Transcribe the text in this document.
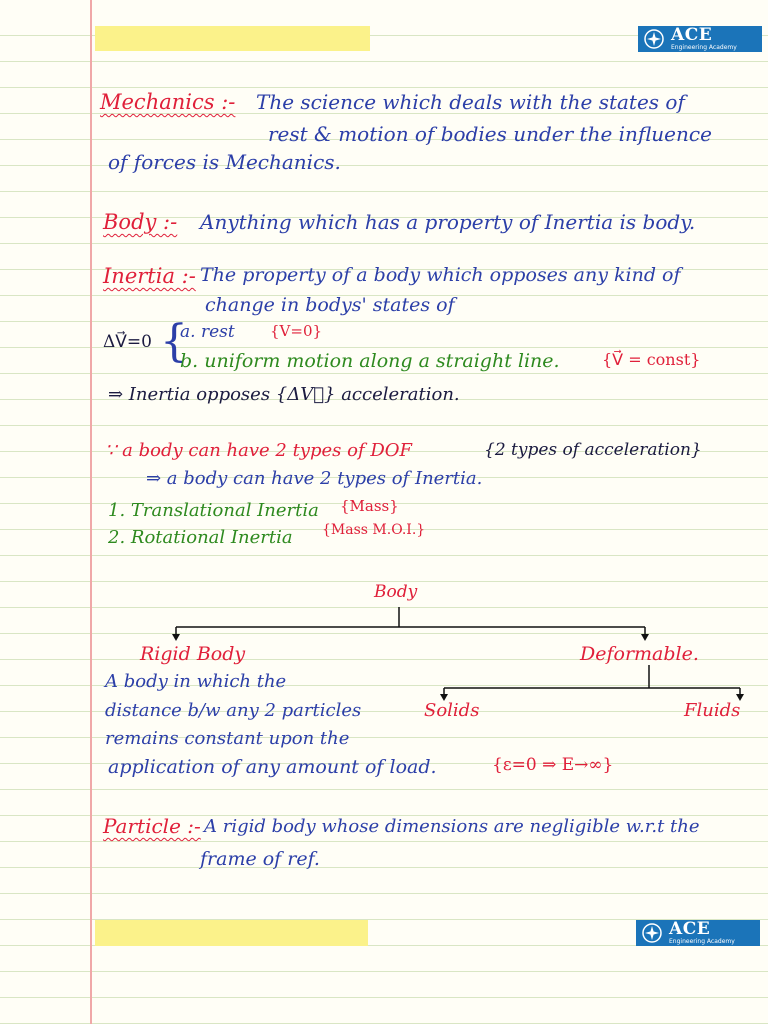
ACE
Engineering Academy
ACE
Engineering Academy
Mechanics :- The science which deals with the states of
rest & motion of bodies under the influence
of forces is Mechanics.
Body :- Anything which has a property of Inertia is body.
Inertia :- The property of a body which opposes any kind of
change in bodys' states of
ΔV⃗=0 {
a. rest {V=0}
b. uniform motion along a straight line.	{V⃗ = const}
⇒ Inertia opposes {ΔV⃗} acceleration.
∵ a body can have 2 types of DOF	{2 types of acceleration}
⇒ a body can have 2 types of Inertia.
1. Translational Inertia {Mass}
2. Rotational Inertia {Mass M.O.I.}
Body
Rigid Body	Deformable.
Solids	Fluids
A body in which the
distance b/w any 2 particles
remains constant upon the
application of any amount of load.	{ε=0 ⇒ E→∞}
Particle :- A rigid body whose dimensions are negligible w.r.t the
frame of ref.
